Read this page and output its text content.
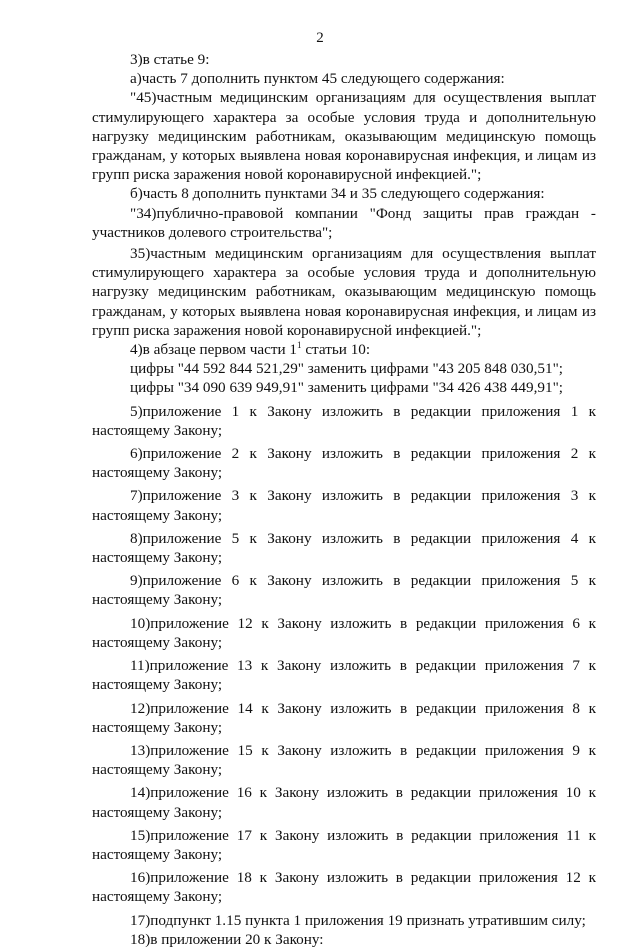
2

3)в статье 9:

а)часть 7 дополнить пунктом 45 следующего содержания:

"45)частным медицинским организациям для осуществления выплат стимулирующего характера за особые условия труда и дополнительную нагрузку медицинским работникам, оказывающим медицинскую помощь гражданам, у которых выявлена новая коронавирусная инфекция, и лицам из групп риска заражения новой коронавирусной инфекцией.";

б)часть 8 дополнить пунктами 34 и 35 следующего содержания:

"34)публично-правовой компании "Фонд защиты прав граждан - участников долевого строительства";

35)частным медицинским организациям для осуществления выплат стимулирующего характера за особые условия труда и дополнительную нагрузку медицинским работникам, оказывающим медицинскую помощь гражданам, у которых выявлена новая коронавирусная инфекция, и лицам из групп риска заражения новой коронавирусной инфекцией.";

4)в абзаце первом части $1^1$ статьи 10:

цифры "44 592 844 521,29" заменить цифрами "43 205 848 030,51";

цифры "34 090 639 949,91" заменить цифрами "34 426 438 449,91";

5)приложение 1 к Закону изложить в редакции приложения 1 к настоящему Закону;

6)приложение 2 к Закону изложить в редакции приложения 2 к настоящему Закону;

7)приложение 3 к Закону изложить в редакции приложения 3 к настоящему Закону;

8)приложение 5 к Закону изложить в редакции приложения 4 к настоящему Закону;

9)приложение 6 к Закону изложить в редакции приложения 5 к настоящему Закону;

10)приложение 12 к Закону изложить в редакции приложения 6 к настоящему Закону;

11)приложение 13 к Закону изложить в редакции приложения 7 к настоящему Закону;

12)приложение 14 к Закону изложить в редакции приложения 8 к настоящему Закону;

13)приложение 15 к Закону изложить в редакции приложения 9 к настоящему Закону;

14)приложение 16 к Закону изложить в редакции приложения 10 к настоящему Закону;

15)приложение 17 к Закону изложить в редакции приложения 11 к настоящему Закону;

16)приложение 18 к Закону изложить в редакции приложения 12 к настоящему Закону;

17)подпункт 1.15 пункта 1 приложения 19 признать утратившим силу;

18)в приложении 20 к Закону:
